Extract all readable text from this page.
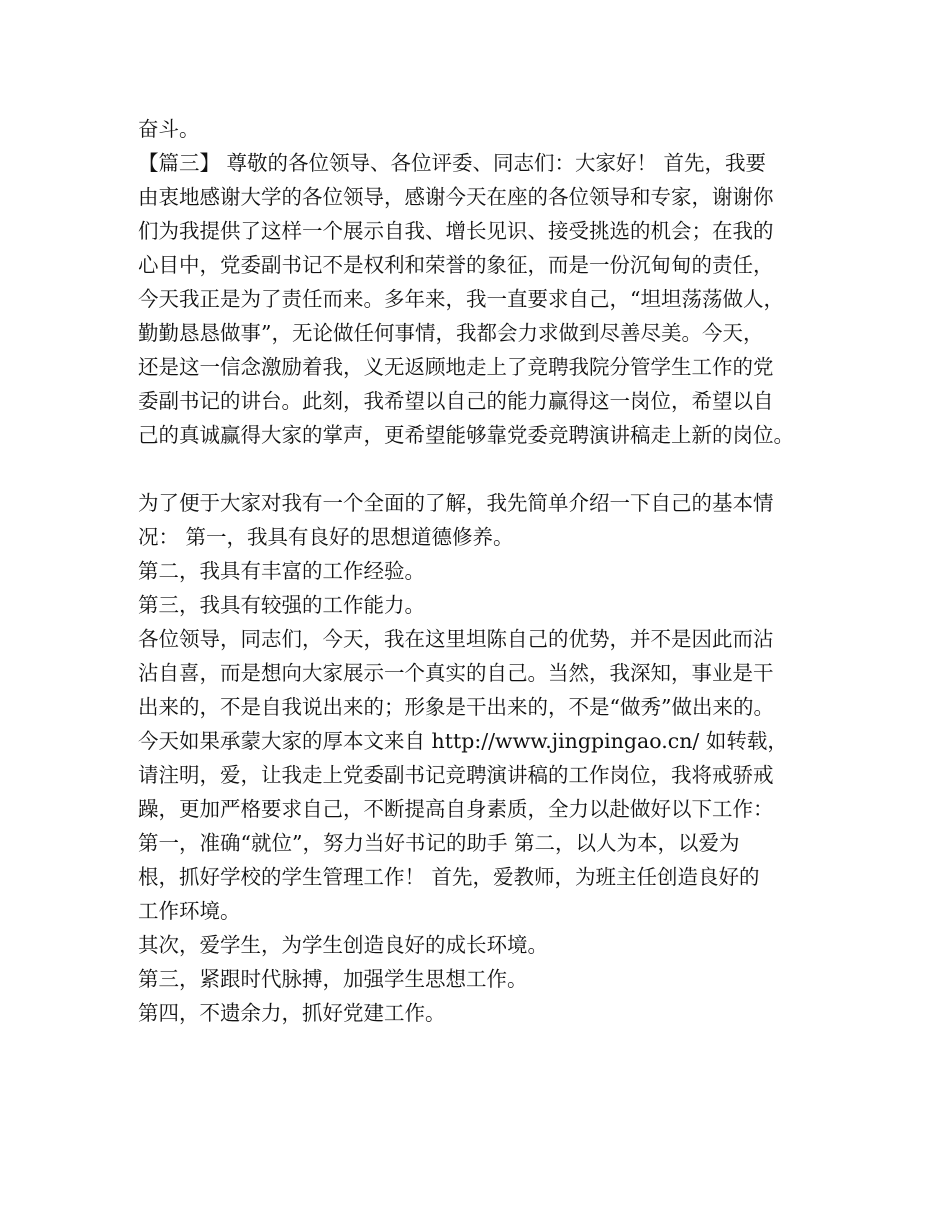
奋斗。

【篇三】 尊敬的各位领导、各位评委、同志们：大家好！ 首先，我要
由衷地感谢大学的各位领导，感谢今天在座的各位领导和专家，谢谢你
们为我提供了这样一个展示自我、增长见识、接受挑选的机会；在我的
心目中，党委副书记不是权利和荣誉的象征，而是一份沉甸甸的责任，
今天我正是为了责任而来。多年来，我一直要求自己，“坦坦荡荡做人，
勤勤恳恳做事”，无论做任何事情，我都会力求做到尽善尽美。今天，
还是这一信念激励着我，义无返顾地走上了竞聘我院分管学生工作的党
委副书记的讲台。此刻，我希望以自己的能力赢得这一岗位，希望以自
己的真诚赢得大家的掌声，更希望能够靠党委竞聘演讲稿走上新的岗位。

为了便于大家对我有一个全面的了解，我先简单介绍一下自己的基本情
况： 第一，我具有良好的思想道德修养。

第二，我具有丰富的工作经验。

第三，我具有较强的工作能力。

各位领导，同志们，今天，我在这里坦陈自己的优势，并不是因此而沾
沾自喜，而是想向大家展示一个真实的自己。当然，我深知，事业是干
出来的，不是自我说出来的；形象是干出来的，不是“做秀”做出来的。
今天如果承蒙大家的厚本文来自 http://www.jingpingao.cn/ 如转载，
请注明，爱，让我走上党委副书记竞聘演讲稿的工作岗位，我将戒骄戒
躁，更加严格要求自己，不断提高自身素质，全力以赴做好以下工作：
第一，准确“就位”，努力当好书记的助手 第二，以人为本，以爱为
根，抓好学校的学生管理工作！ 首先，爱教师，为班主任创造良好的
工作环境。

其次，爱学生，为学生创造良好的成长环境。

第三，紧跟时代脉搏，加强学生思想工作。

第四，不遗余力，抓好党建工作。
